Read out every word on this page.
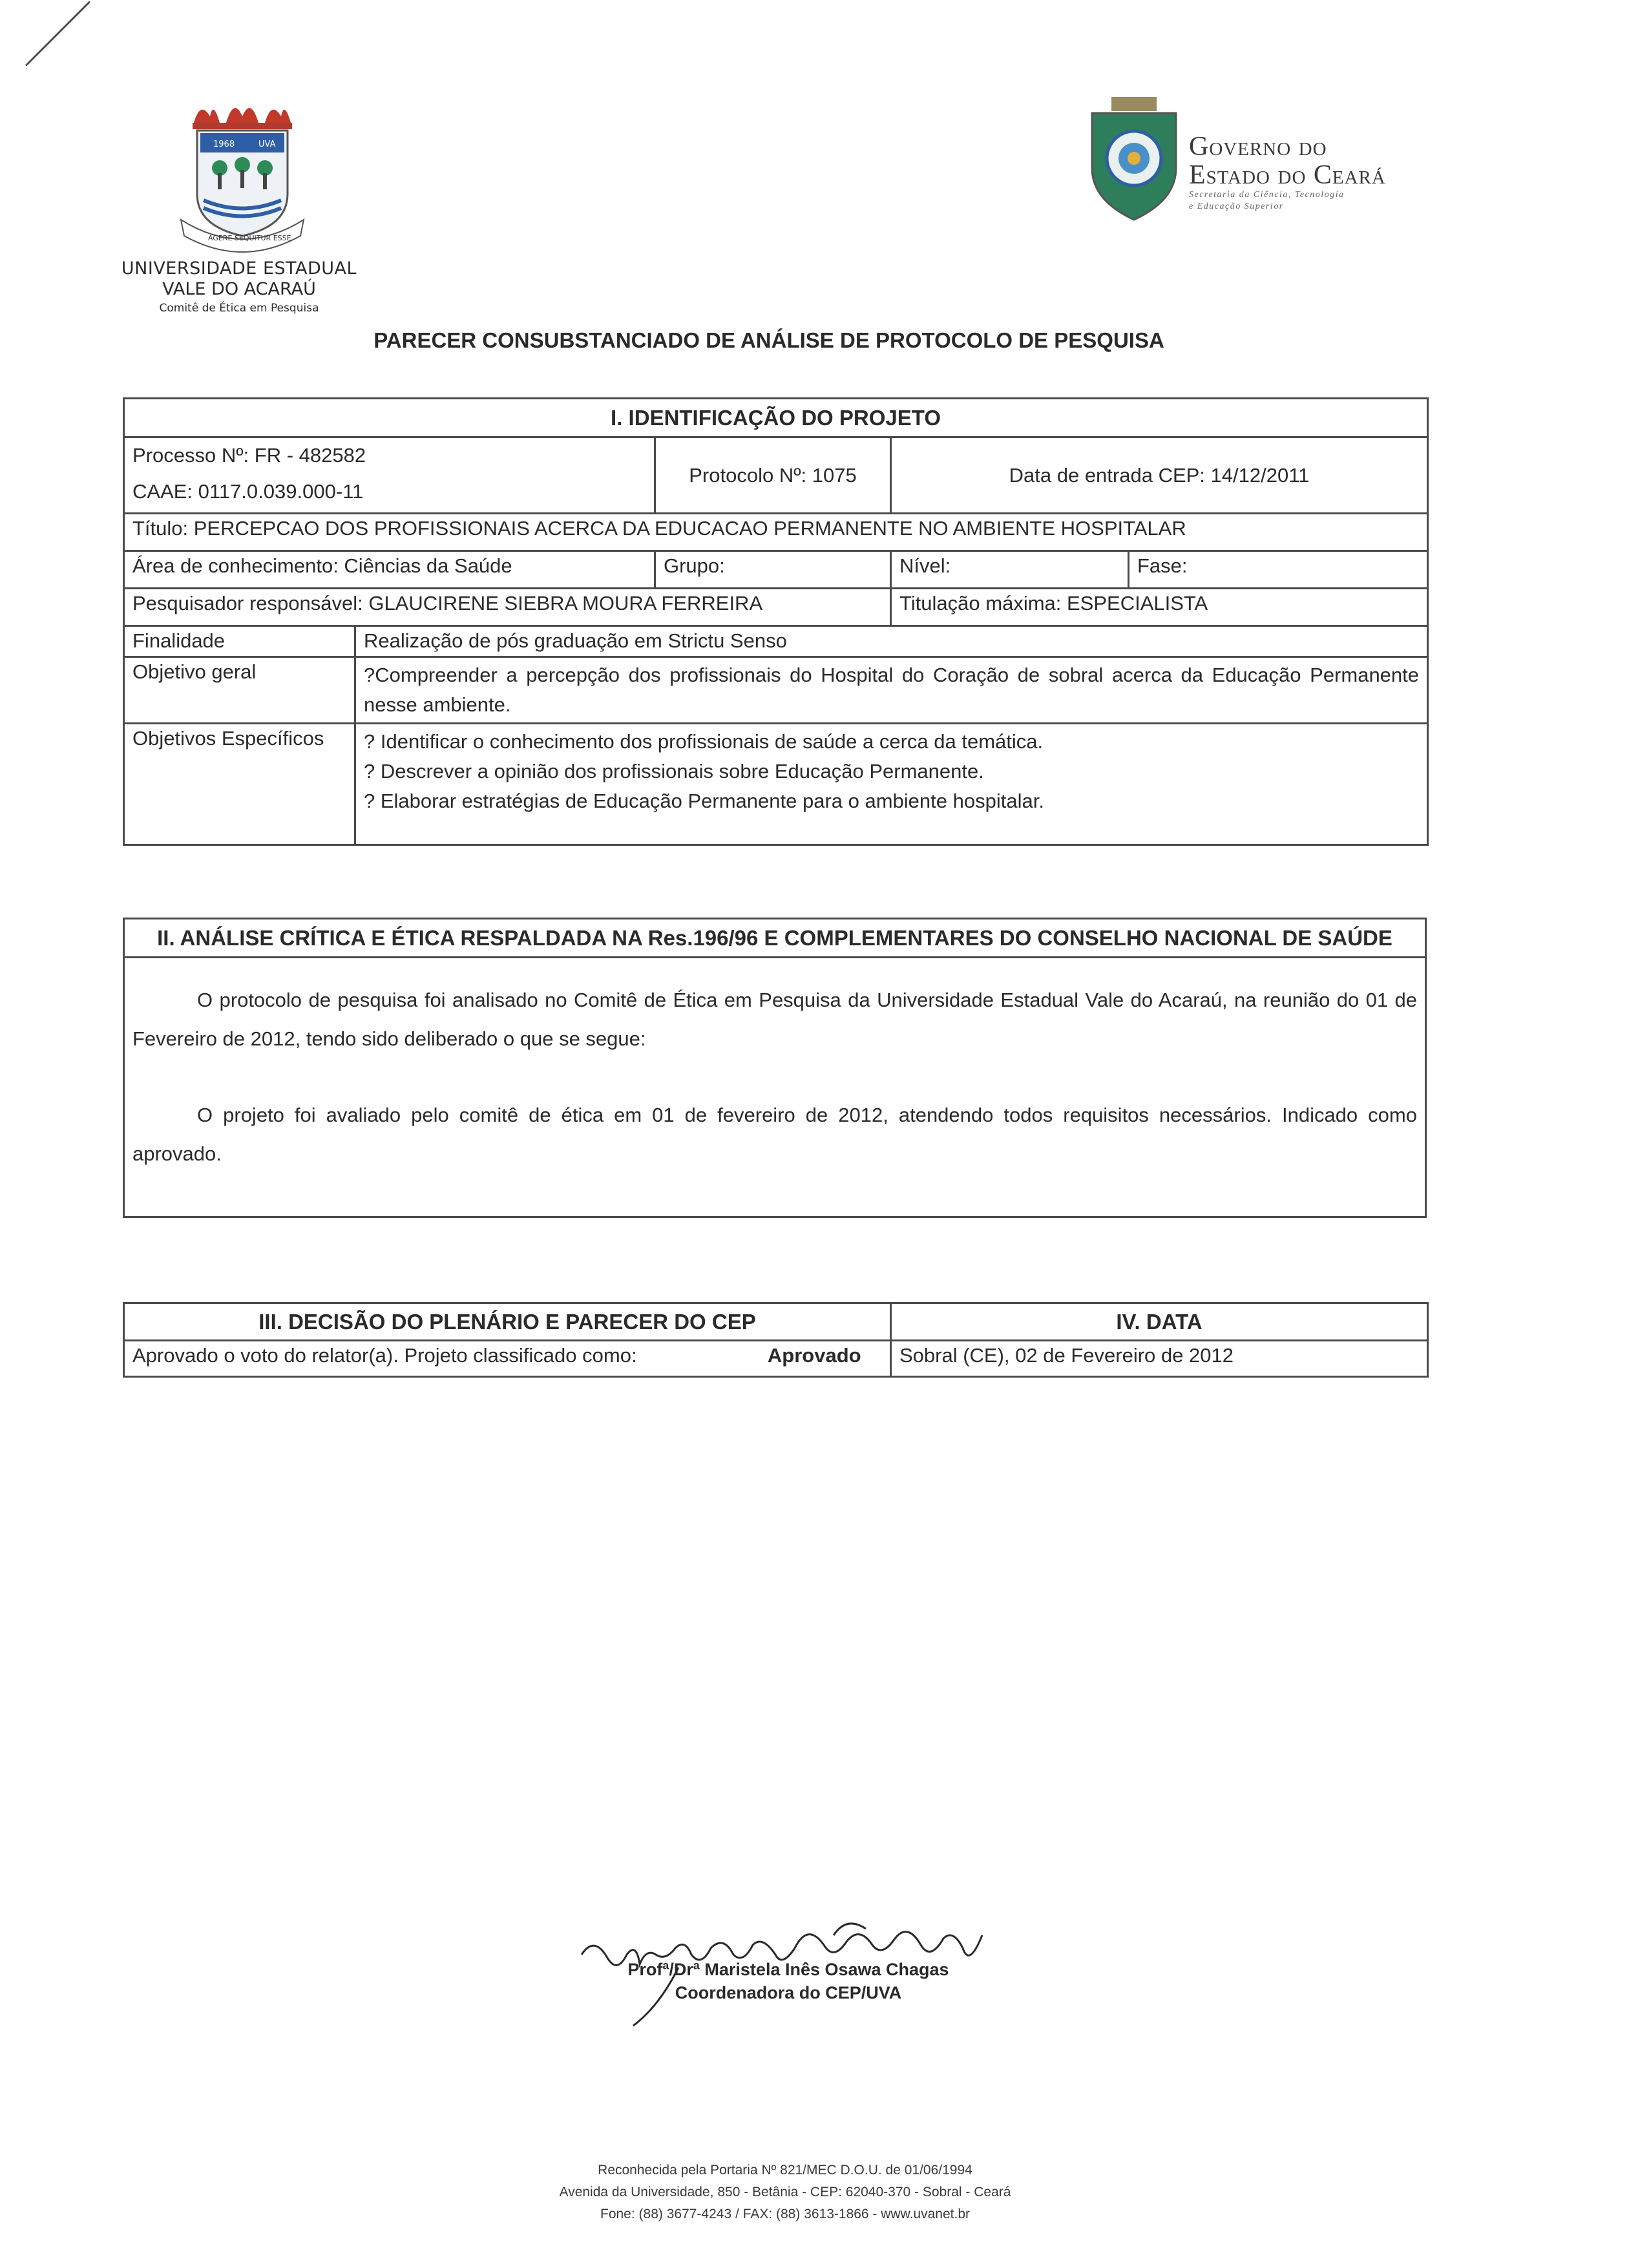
1968	UVA
AGERE SEQUITUR ESSE
UNIVERSIDADE ESTADUAL
VALE DO ACARAÚ
Comitê de Ética em Pesquisa
Governo do
Estado do Ceará
Secretaria da Ciência, Tecnologia
e Educação Superior
PARECER CONSUBSTANCIADO DE ANÁLISE DE PROTOCOLO DE PESQUISA
I. IDENTIFICAÇÃO DO PROJETO				

Processo Nº: FR - 482582
CAAE: 0117.0.039.000-11		Protocolo Nº: 1075	Data de entrada CEP: 14/12/2011	
Título: PERCEPCAO DOS PROFISSIONAIS ACERCA DA EDUCACAO PERMANENTE NO AMBIENTE HOSPITALAR				
Área de conhecimento: Ciências da Saúde		Grupo:	Nível:	Fase:
Pesquisador responsável: GLAUCIRENE SIEBRA MOURA FERREIRA			Titulação máxima: ESPECIALISTA	
Finalidade	Realização de pós graduação em Strictu Senso			
Objetivo geral	?Compreender a percepção dos profissionais do Hospital do Coração de sobral acerca da Educação Permanente nesse ambiente.			
Objetivos Específicos	? Identificar o conhecimento dos profissionais de saúde a cerca da temática.
? Descrever a opinião dos profissionais sobre Educação Permanente.
? Elaborar estratégias de Educação Permanente para o ambiente hospitalar.			
II. ANÁLISE CRÍTICA E ÉTICA RESPALDADA NA Res.196/96 E COMPLEMENTARES DO CONSELHO NACIONAL DE SAÚDE

O protocolo de pesquisa foi analisado no Comitê de Ética em Pesquisa da Universidade Estadual Vale do Acaraú, na reunião do 01 de Fevereiro de 2012, tendo sido deliberado o que se segue:

O projeto foi avaliado pelo comitê de ética em 01 de fevereiro de 2012, atendendo todos requisitos necessários. Indicado como aprovado.

III. DECISÃO DO PLENÁRIO E PARECER DO CEP		IV. DATA
Aprovado o voto do relator(a). Projeto classificado como:	Aprovado	Sobral (CE), 02 de Fevereiro de 2012
Profª/Drª Maristela Inês Osawa Chagas
Coordenadora do CEP/UVA
Reconhecida pela Portaria Nº 821/MEC D.O.U. de 01/06/1994
Avenida da Universidade, 850 - Betânia - CEP: 62040-370 - Sobral - Ceará
Fone: (88) 3677-4243 / FAX: (88) 3613-1866 - www.uvanet.br
